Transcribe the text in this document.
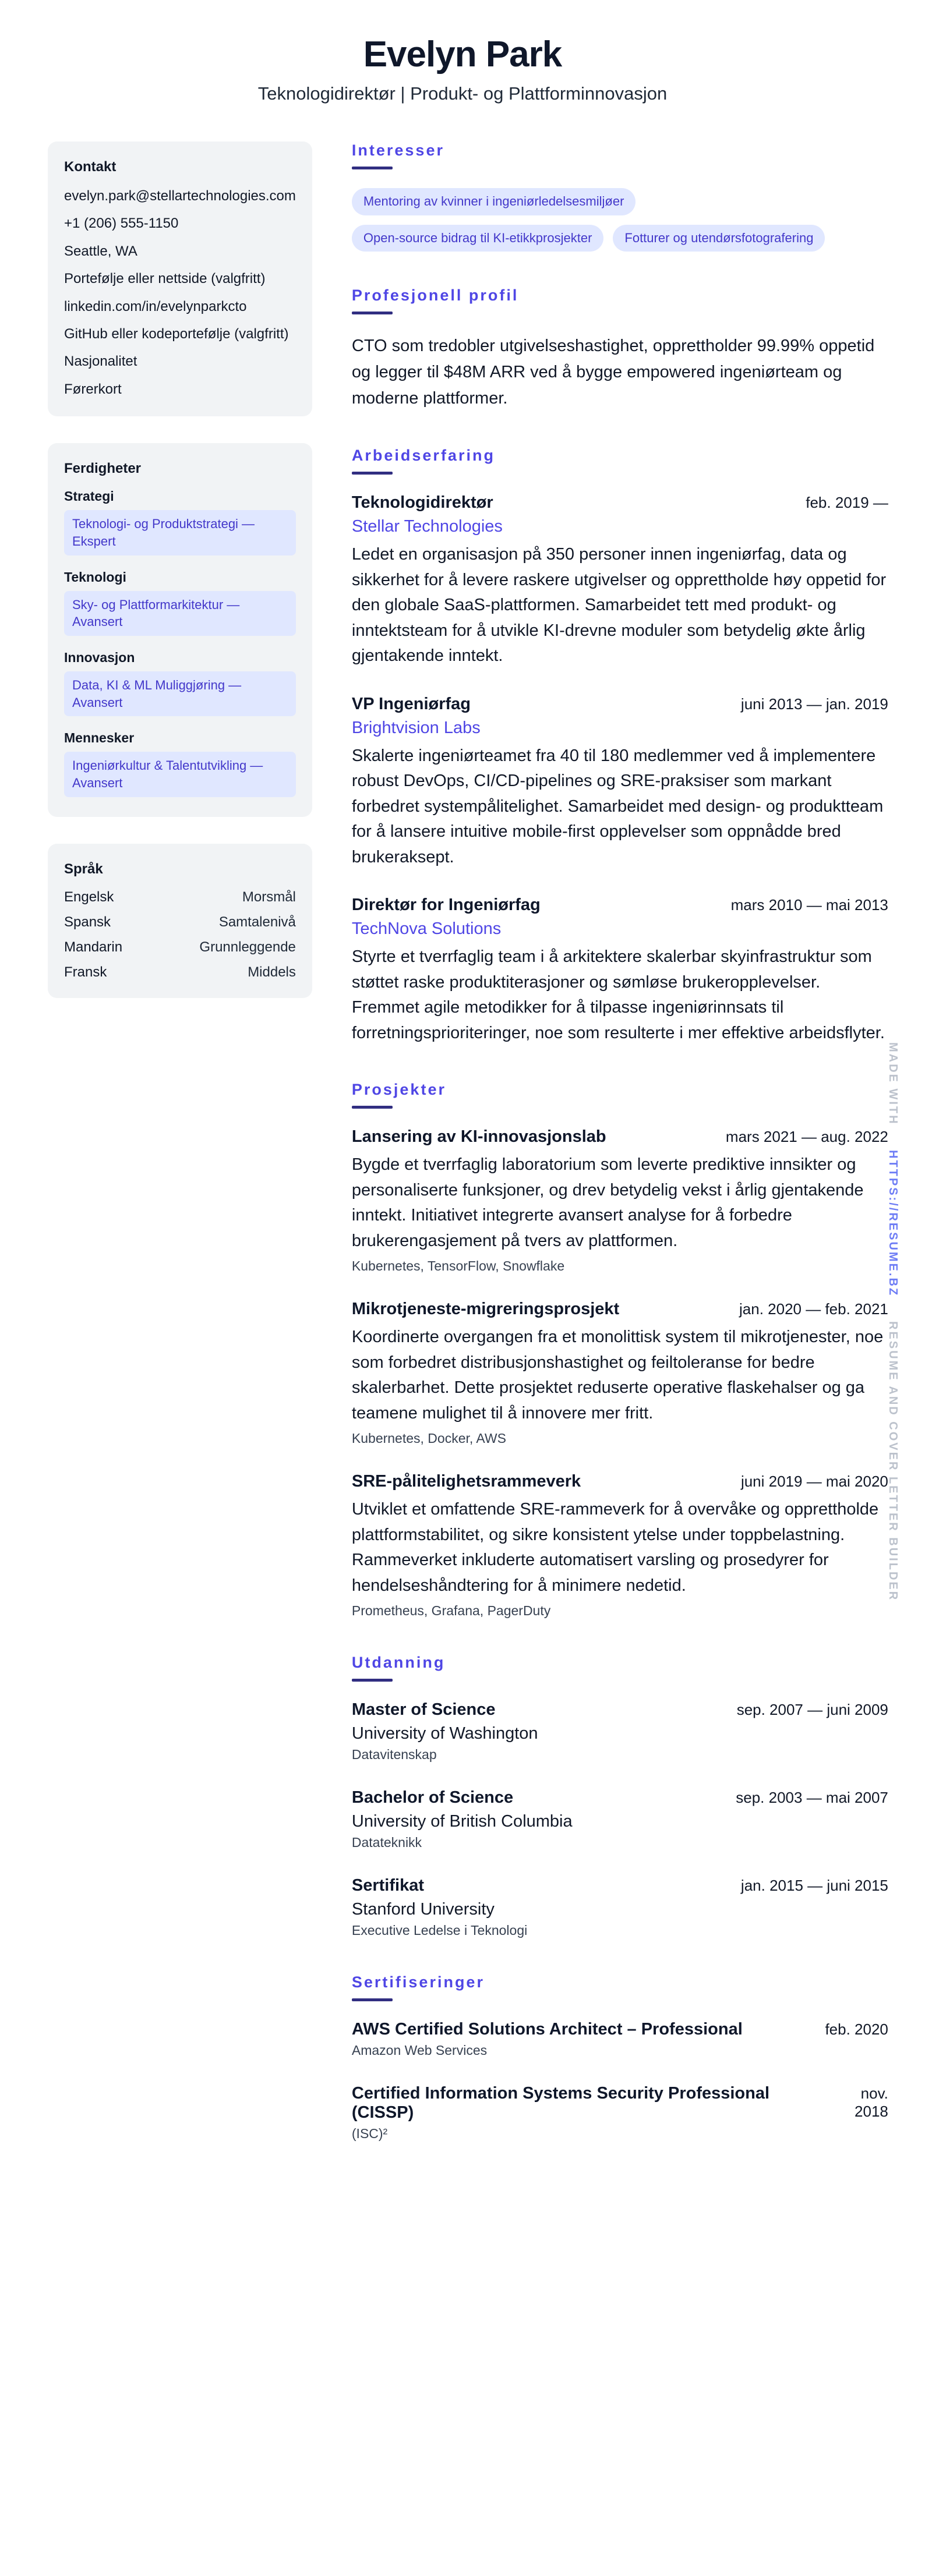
Evelyn Park
Teknologidirektør | Produkt- og Plattforminnovasjon
Kontakt
evelyn.park@stellartechnologies.com
+1 (206) 555-1150
Seattle, WA
Portefølje eller nettside (valgfritt)
linkedin.com/in/evelynparkcto
GitHub eller kodeportefølje (valgfritt)
Nasjonalitet
Førerkort
Ferdigheter
Strategi
Teknologi- og Produktstrategi — Ekspert
Teknologi
Sky- og Plattformarkitektur — Avansert
Innovasjon
Data, KI & ML Muliggjøring — Avansert
Mennesker
Ingeniørkultur & Talentutvikling — Avansert
Språk
Engelsk	Morsmål
Spansk	Samtalenivå
Mandarin	Grunnleggende
Fransk	Middels
Interesser
Mentoring av kvinner i ingeniørledelsesmiljøer
Open-source bidrag til KI-etikkprosjekter	Fotturer og utendørsfotografering
Profesjonell profil

CTO som tredobler utgivelseshastighet, opprettholder 99.99% oppetid og legger til $48M ARR ved å bygge empowered ingeniørteam og moderne plattformer.

Arbeidserfaring
Teknologidirektør	feb. 2019 —
Stellar Technologies
Ledet en organisasjon på 350 personer innen ingeniørfag, data og sikkerhet for å levere raskere utgivelser og opprettholde høy oppetid for den globale SaaS-plattformen. Samarbeidet tett med produkt- og inntektsteam for å utvikle KI-drevne moduler som betydelig økte årlig gjentakende inntekt.
VP Ingeniørfag	juni 2013 — jan. 2019
Brightvision Labs
Skalerte ingeniørteamet fra 40 til 180 medlemmer ved å implementere robust DevOps, CI/CD-pipelines og SRE-praksiser som markant forbedret systempålitelighet. Samarbeidet med design- og produktteam for å lansere intuitive mobile-first opplevelser som oppnådde bred brukeraksept.
Direktør for Ingeniørfag	mars 2010 — mai 2013
TechNova Solutions
Styrte et tverrfaglig team i å arkitektere skalerbar skyinfrastruktur som støttet raske produktiterasjoner og sømløse brukeropplevelser. Fremmet agile metodikker for å tilpasse ingeniørinnsats til forretningsprioriteringer, noe som resulterte i mer effektive arbeidsflyter.
Prosjekter
Lansering av KI-innovasjonslab	mars 2021 — aug. 2022
Bygde et tverrfaglig laboratorium som leverte prediktive innsikter og personaliserte funksjoner, og drev betydelig vekst i årlig gjentakende inntekt. Initiativet integrerte avansert analyse for å forbedre brukerengasjement på tvers av plattformen.
Kubernetes, TensorFlow, Snowflake
Mikrotjeneste-migreringsprosjekt	jan. 2020 — feb. 2021
Koordinerte overgangen fra et monolittisk system til mikrotjenester, noe som forbedret distribusjonshastighet og feiltoleranse for bedre skalerbarhet. Dette prosjektet reduserte operative flaskehalser og ga teamene mulighet til å innovere mer fritt.
Kubernetes, Docker, AWS
SRE-pålitelighetsrammeverk	juni 2019 — mai 2020
Utviklet et omfattende SRE-rammeverk for å overvåke og opprettholde plattformstabilitet, og sikre konsistent ytelse under toppbelastning. Rammeverket inkluderte automatisert varsling og prosedyrer for hendelseshåndtering for å minimere nedetid.
Prometheus, Grafana, PagerDuty
Utdanning
Master of Science	sep. 2007 — juni 2009
University of Washington
Datavitenskap
Bachelor of Science	sep. 2003 — mai 2007
University of British Columbia
Datateknikk
Sertifikat	jan. 2015 — juni 2015
Stanford University
Executive Ledelse i Teknologi
Sertifiseringer
AWS Certified Solutions Architect – Professional	feb. 2020
Amazon Web Services
Certified Information Systems Security Professional (CISSP)
nov. 2018
(ISC)²
MADE WITH
HTTPS://RESUME.BZ
RESUME AND COVER LETTER BUILDER
